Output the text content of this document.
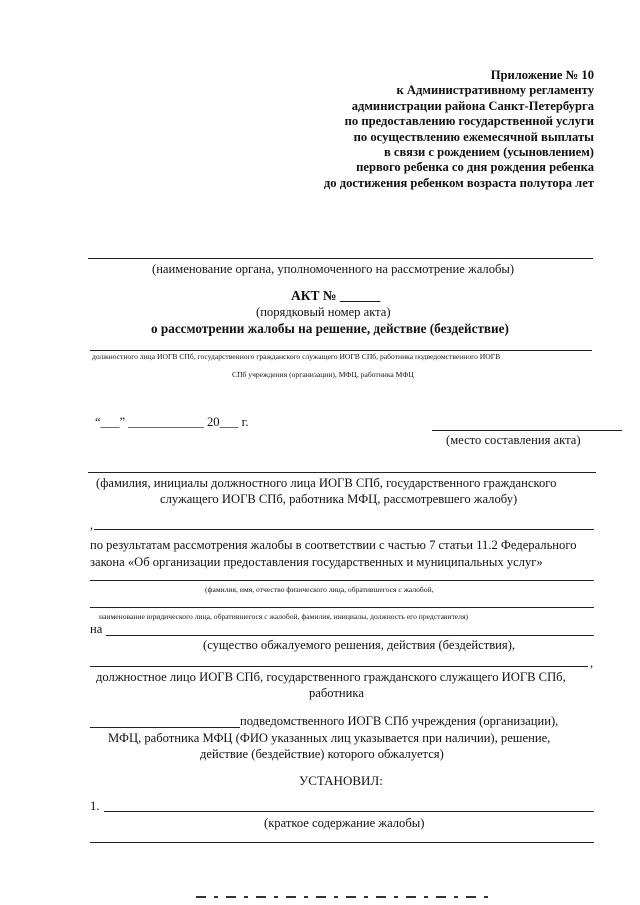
Приложение № 10
к Административному регламенту
администрации района Санкт-Петербурга
по предоставлению государственной услуги
по осуществлению ежемесячной выплаты
в связи с рождением (усыновлением)
первого ребенка со дня рождения ребенка
до достижения ребенком возраста полутора лет
(наименование органа, уполномоченного на рассмотрение жалобы)
АКТ № ______
(порядковый номер акта)
о рассмотрении жалобы на решение, действие (бездействие)
должностного лица ИОГВ СПб, государственного гражданского служащего ИОГВ СПб, работника подведомственного ИОГВ
СПб учреждения (организации), МФЦ, работника МФЦ
“___” ____________ 20___ г.
(место составления акта)
(фамилия, инициалы должностного лица ИОГВ СПб, государственного гражданского
служащего ИОГВ СПб, работника МФЦ, рассмотревшего жалобу)
,
по результатам рассмотрения жалобы в соответствии с частью 7 статьи 11.2 Федерального
закона «Об организации предоставления государственных и муниципальных услуг»
(фамилия, имя, отчество физического лица, обратившегося с жалобой,
наименование юридического лица, обратившегося с жалобой, фамилия, инициалы, должность его представителя)
на
(существо обжалуемого решения, действия (бездействия),
,
должностное лицо ИОГВ СПб, государственного гражданского служащего ИОГВ СПб,
работника
подведомственного ИОГВ СПб учреждения (организации),
МФЦ, работника МФЦ (ФИО указанных лиц указывается при наличии), решение,
действие (бездействие) которого обжалуется)
УСТАНОВИЛ:
1.
(краткое содержание жалобы)
